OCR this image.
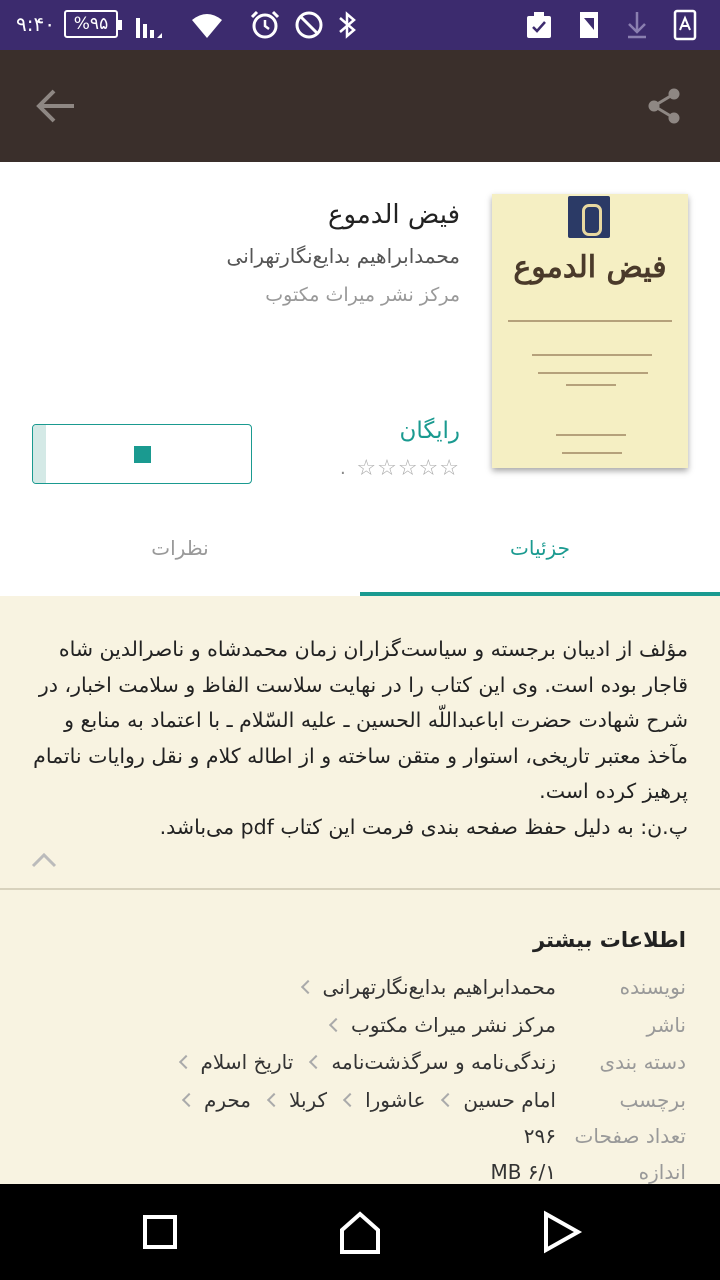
۹:۴۰	%۹۵
فیض الدموع
فیض الدموع
محمدابراهیم بدایع‌نگارتهرانی
مرکز نشر میراث مکتوب
رایگان
☆☆☆☆☆
.
نظرات	جزئیات
مؤلف از ادیبان برجسته و سیاست‌گزاران زمان محمدشاه و ناصرالدین شاه قاجار بوده است. وی این کتاب را در نهایت سلاست الفاظ و سلامت اخبار، در شرح شهادت حضرت اباعبداللّه الحسین ـ علیه السّلام ـ با اعتماد به منابع و مآخذ معتبر تاریخی، استوار و متقن ساخته و از اطاله کلام و نقل روایات ناتمام پرهیز کرده است.
پ.ن: به دلیل حفظ صفحه بندی فرمت این کتاب pdf می‌باشد.
اطلاعات بیشتر
نویسنده
محمدابراهیم بدایع‌نگارتهرانی
ناشر
مرکز نشر میراث مکتوب
دسته بندی
زندگی‌نامه و سرگذشت‌نامه
تاریخ اسلام
برچسب
امام حسین
عاشورا
کربلا
محرم
تعداد صفحات
۲۹۶
اندازه
MB ۶/۱
